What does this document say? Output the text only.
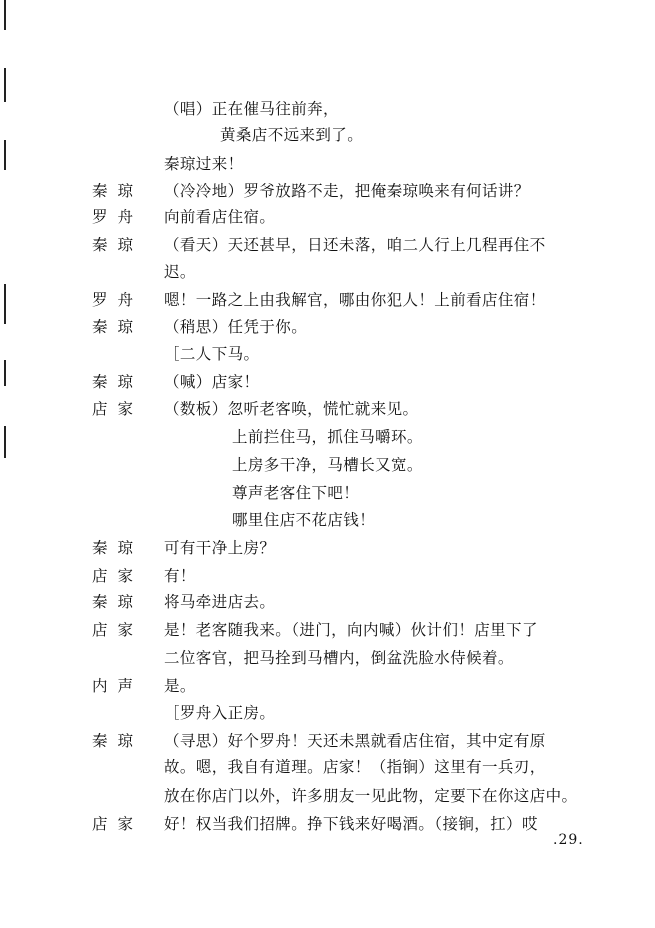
（唱）正在催马往前奔，
黄桑店不远来到了。
秦琼过来！
秦琼	（冷冷地）罗爷放路不走，把俺秦琼唤来有何话讲？
罗舟	向前看店住宿。
秦琼	（看天）天还甚早，日还未落，咱二人行上几程再住不
迟。
罗舟	嗯！一路之上由我解官，哪由你犯人！上前看店住宿！
秦琼	（稍思）任凭于你。
［二人下马。
秦琼	（喊）店家！
店家	（数板）忽听老客唤，慌忙就来见。
上前拦住马，抓住马嚼环。
上房多干净，马槽长又宽。
尊声老客住下吧！
哪里住店不花店钱！
秦琼	可有干净上房？
店家	有！
秦琼	将马牵进店去。
店家	是！老客随我来。（进门，向内喊）伙计们！店里下了
二位客官，把马拴到马槽内，倒盆洗脸水侍候着。
内声	是。
［罗舟入正房。
秦琼	（寻思）好个罗舟！天还未黑就看店住宿，其中定有原
故。嗯，我自有道理。店家！（指锏）这里有一兵刃，
放在你店门以外，许多朋友一见此物，定要下在你这店中。
店家	好！权当我们招牌。挣下钱来好喝酒。（接锏，扛）哎
.29.
